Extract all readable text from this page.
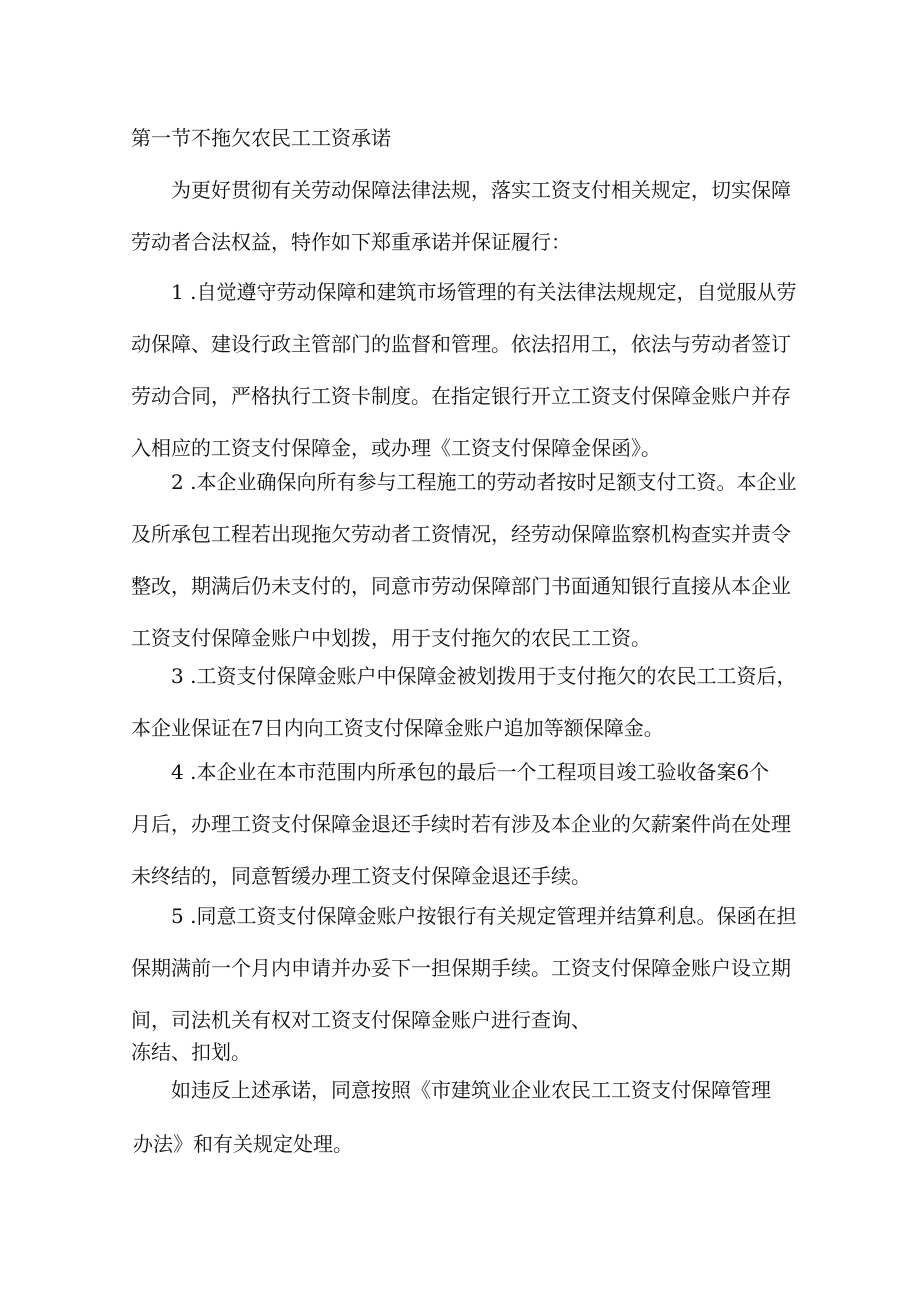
第一节不拖欠农民工工资承诺
为更好贯彻有关劳动保障法律法规，落实工资支付相关规定，切实保障
劳动者合法权益，特作如下郑重承诺并保证履行：
1 .自觉遵守劳动保障和建筑市场管理的有关法律法规规定，自觉服从劳
动保障、建设行政主管部门的监督和管理。依法招用工，依法与劳动者签订
劳动合同，严格执行工资卡制度。在指定银行开立工资支付保障金账户并存
入相应的工资支付保障金，或办理《工资支付保障金保函》。
2 .本企业确保向所有参与工程施工的劳动者按时足额支付工资。本企业
及所承包工程若出现拖欠劳动者工资情况，经劳动保障监察机构查实并责令
整改，期满后仍未支付的，同意市劳动保障部门书面通知银行直接从本企业
工资支付保障金账户中划拨，用于支付拖欠的农民工工资。
3 .工资支付保障金账户中保障金被划拨用于支付拖欠的农民工工资后，
本企业保证在7日内向工资支付保障金账户追加等额保障金。
4 .本企业在本市范围内所承包的最后一个工程项目竣工验收备案6个
月后，办理工资支付保障金退还手续时若有涉及本企业的欠薪案件尚在处理
未终结的，同意暂缓办理工资支付保障金退还手续。
5 .同意工资支付保障金账户按银行有关规定管理并结算利息。保函在担
保期满前一个月内申请并办妥下一担保期手续。工资支付保障金账户设立期
间，司法机关有权对工资支付保障金账户进行查询、
冻结、扣划。
如违反上述承诺，同意按照《市建筑业企业农民工工资支付保障管理
办法》和有关规定处理。
